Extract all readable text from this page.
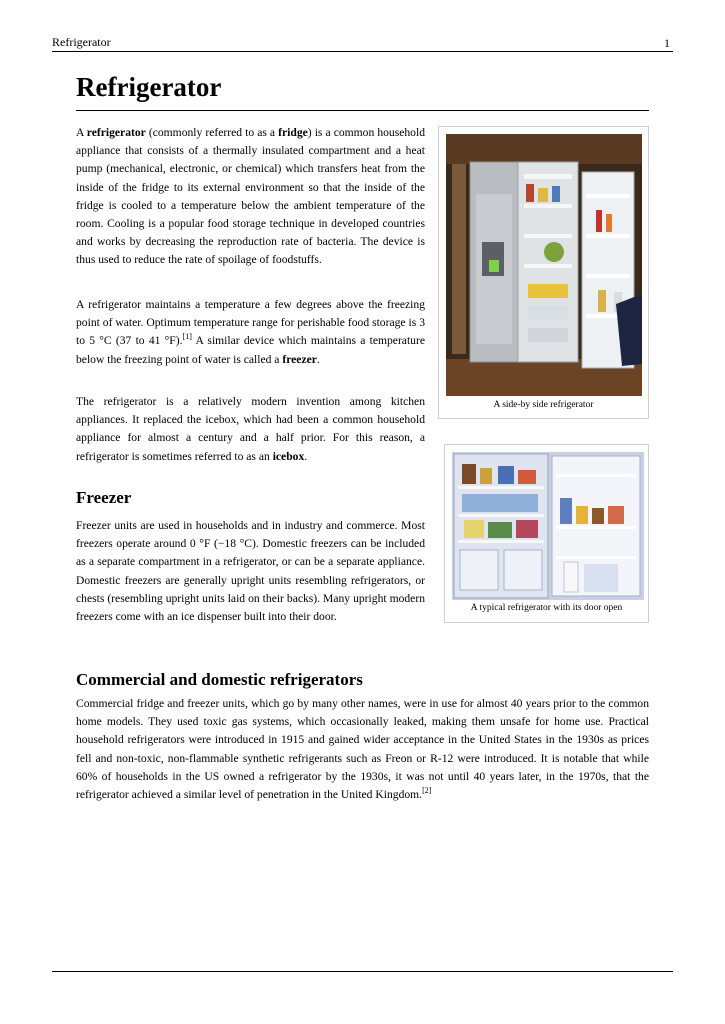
Refrigerator	1
Refrigerator

A refrigerator (commonly referred to as a fridge) is a common household appliance that consists of a thermally insulated compartment and a heat pump (mechanical, electronic, or chemical) which transfers heat from the inside of the fridge to its external environment so that the inside of the fridge is cooled to a temperature below the ambient temperature of the room. Cooling is a popular food storage technique in developed countries and works by decreasing the reproduction rate of bacteria. The device is thus used to reduce the rate of spoilage of foodstuffs.

A refrigerator maintains a temperature a few degrees above the freezing point of water. Optimum temperature range for perishable food storage is 3 to 5 °C (37 to 41 °F).[1] A similar device which maintains a temperature below the freezing point of water is called a freezer.

The refrigerator is a relatively modern invention among kitchen appliances. It replaced the icebox, which had been a common household appliance for almost a century and a half prior. For this reason, a refrigerator is sometimes referred to as an icebox.

Freezer

Freezer units are used in households and in industry and commerce. Most freezers operate around 0 °F (−18 °C). Domestic freezers can be included as a separate compartment in a refrigerator, or can be a separate appliance. Domestic freezers are generally upright units resembling refrigerators, or chests (resembling upright units laid on their backs). Many upright modern freezers come with an ice dispenser built into their door.

Commercial and domestic refrigerators

Commercial fridge and freezer units, which go by many other names, were in use for almost 40 years prior to the common home models. They used toxic gas systems, which occasionally leaked, making them unsafe for home use. Practical household refrigerators were introduced in 1915 and gained wider acceptance in the United States in the 1930s as prices fell and non-toxic, non-flammable synthetic refrigerants such as Freon or R-12 were introduced. It is notable that while 60% of households in the US owned a refrigerator by the 1930s, it was not until 40 years later, in the 1970s, that the refrigerator achieved a similar level of penetration in the United Kingdom.[2]

A side-by side refrigerator
A typical refrigerator with its door open
